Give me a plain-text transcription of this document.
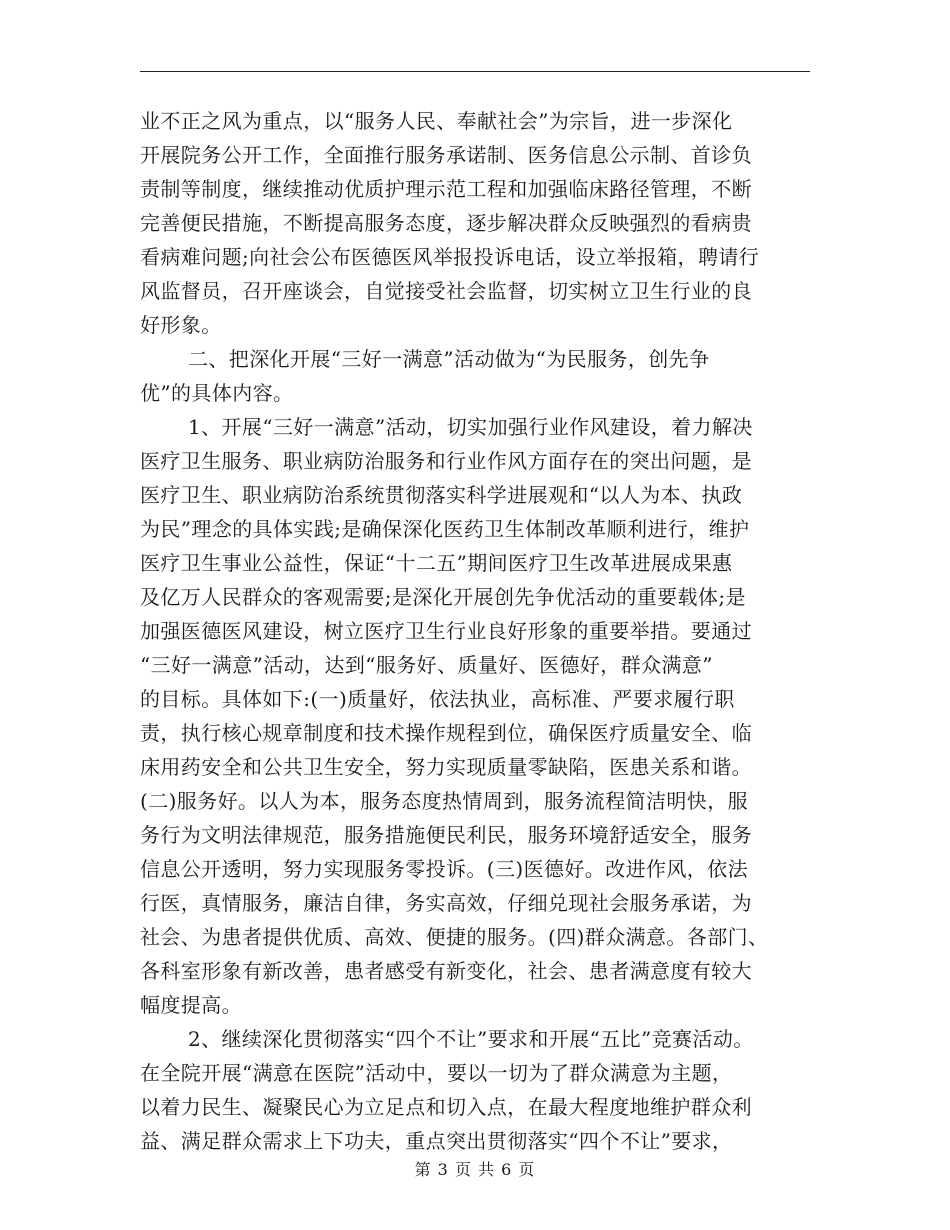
业不正之风为重点，以“服务人民、奉献社会”为宗旨，进一步深化
开展院务公开工作，全面推行服务承诺制、医务信息公示制、首诊负
责制等制度，继续推动优质护理示范工程和加强临床路径管理，不断
完善便民措施，不断提高服务态度，逐步解决群众反映强烈的看病贵
看病难问题;向社会公布医德医风举报投诉电话，设立举报箱，聘请行
风监督员，召开座谈会，自觉接受社会监督，切实树立卫生行业的良
好形象。
二、把深化开展“三好一满意”活动做为“为民服务，创先争
优”的具体内容。
1、开展“三好一满意”活动，切实加强行业作风建设，着力解决
医疗卫生服务、职业病防治服务和行业作风方面存在的突出问题，是
医疗卫生、职业病防治系统贯彻落实科学进展观和“以人为本、执政
为民”理念的具体实践;是确保深化医药卫生体制改革顺利进行，维护
医疗卫生事业公益性，保证“十二五”期间医疗卫生改革进展成果惠
及亿万人民群众的客观需要;是深化开展创先争优活动的重要载体;是
加强医德医风建设，树立医疗卫生行业良好形象的重要举措。要通过
“三好一满意”活动，达到“服务好、质量好、医德好，群众满意”
的目标。具体如下:(一)质量好，依法执业，高标准、严要求履行职
责，执行核心规章制度和技术操作规程到位，确保医疗质量安全、临
床用药安全和公共卫生安全，努力实现质量零缺陷，医患关系和谐。
(二)服务好。以人为本，服务态度热情周到，服务流程简洁明快，服
务行为文明法律规范，服务措施便民利民，服务环境舒适安全，服务
信息公开透明，努力实现服务零投诉。(三)医德好。改进作风，依法
行医，真情服务，廉洁自律，务实高效，仔细兑现社会服务承诺，为
社会、为患者提供优质、高效、便捷的服务。(四)群众满意。各部门、
各科室形象有新改善，患者感受有新变化，社会、患者满意度有较大
幅度提高。
2、继续深化贯彻落实“四个不让”要求和开展“五比”竞赛活动。
在全院开展“满意在医院”活动中，要以一切为了群众满意为主题，
以着力民生、凝聚民心为立足点和切入点，在最大程度地维护群众利
益、满足群众需求上下功夫，重点突出贯彻落实“四个不让”要求，
第 3 页 共 6 页
